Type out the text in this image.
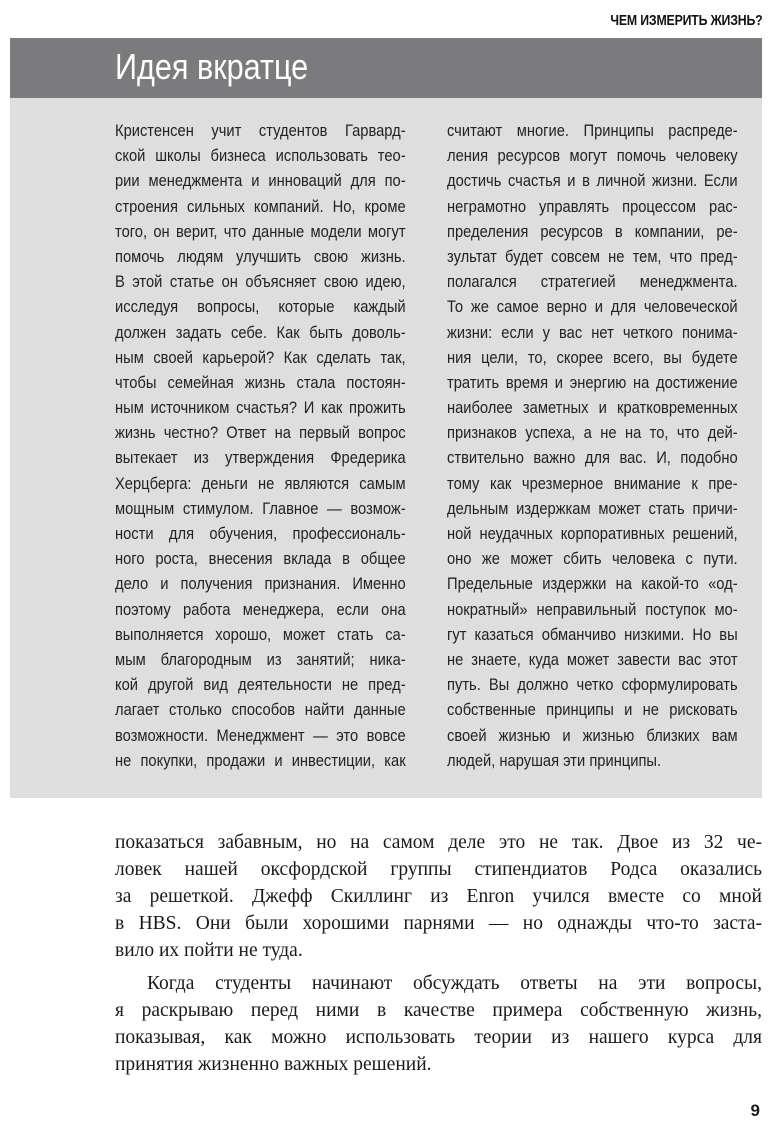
ЧЕМ ИЗМЕРИТЬ ЖИЗНЬ?
Идея вкратце
Кристенсен учит студентов Гарвард-
ской школы бизнеса использовать тео-
рии менеджмента и инноваций для по-
строения сильных компаний. Но, кроме
того, он верит, что данные модели могут
помочь людям улучшить свою жизнь.
В этой статье он объясняет свою идею,
исследуя вопросы, которые каждый
должен задать себе. Как быть доволь-
ным своей карьерой? Как сделать так,
чтобы семейная жизнь стала постоян-
ным источником счастья? И как прожить
жизнь честно? Ответ на первый вопрос
вытекает из утверждения Фредерика
Херцберга: деньги не являются самым
мощным стимулом. Главное — возмож-
ности для обучения, профессиональ-
ного роста, внесения вклада в общее
дело и получения признания. Именно
поэтому работа менеджера, если она
выполняется хорошо, может стать са-
мым благородным из занятий; ника-
кой другой вид деятельности не пред-
лагает столько способов найти данные
возможности. Менеджмент — это вовсе
не покупки, продажи и инвестиции, как
считают многие. Принципы распреде-
ления ресурсов могут помочь человеку
достичь счастья и в личной жизни. Если
неграмотно управлять процессом рас-
пределения ресурсов в компании, ре-
зультат будет совсем не тем, что пред-
полагался стратегией менеджмента.
То же самое верно и для человеческой
жизни: если у вас нет четкого понима-
ния цели, то, скорее всего, вы будете
тратить время и энергию на достижение
наиболее заметных и кратковременных
признаков успеха, а не на то, что дей-
ствительно важно для вас. И, подобно
тому как чрезмерное внимание к пре-
дельным издержкам может стать причи-
ной неудачных корпоративных решений,
оно же может сбить человека с пути.
Предельные издержки на какой-то «од-
нократный» неправильный поступок мо-
гут казаться обманчиво низкими. Но вы
не знаете, куда может завести вас этот
путь. Вы должно четко сформулировать
собственные принципы и не рисковать
своей жизнью и жизнью близких вам
людей, нарушая эти принципы.
показаться забавным, но на самом деле это не так. Двое из 32 че-
ловек нашей оксфордской группы стипендиатов Родса оказались
за решеткой. Джефф Скиллинг из Enron учился вместе со мной
в HBS. Они были хорошими парнями — но однажды что-то заста-
вило их пойти не туда.
Когда студенты начинают обсуждать ответы на эти вопросы,
я раскрываю перед ними в качестве примера собственную жизнь,
показывая, как можно использовать теории из нашего курса для
принятия жизненно важных решений.
9
